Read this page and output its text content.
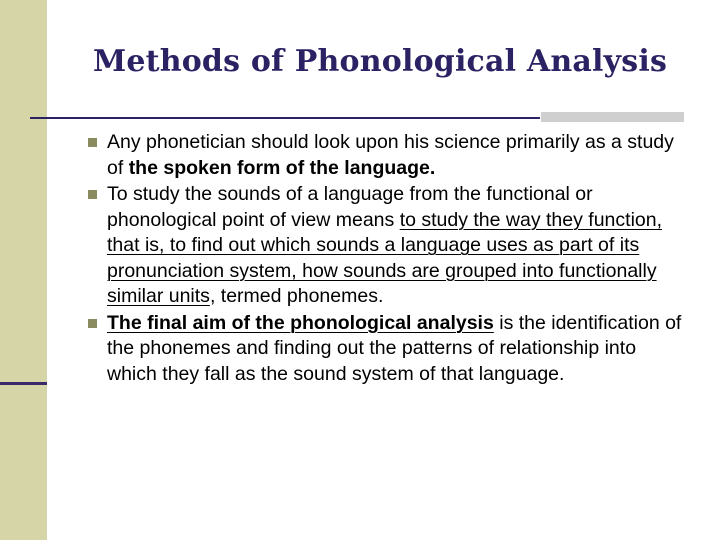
Methods of Phonological Analysis
Any phonetician should look upon his science primarily as a study of the spoken form of the language.
To study the sounds of a language from the functional or phonological point of view means to study the way they function, that is, to find out which sounds a language uses as part of its pronunciation system, how sounds are grouped into functionally similar units, termed phonemes.
The final aim of the phonological analysis is the identification of the phonemes and finding out the patterns of relationship into which they fall as the sound system of that language.
